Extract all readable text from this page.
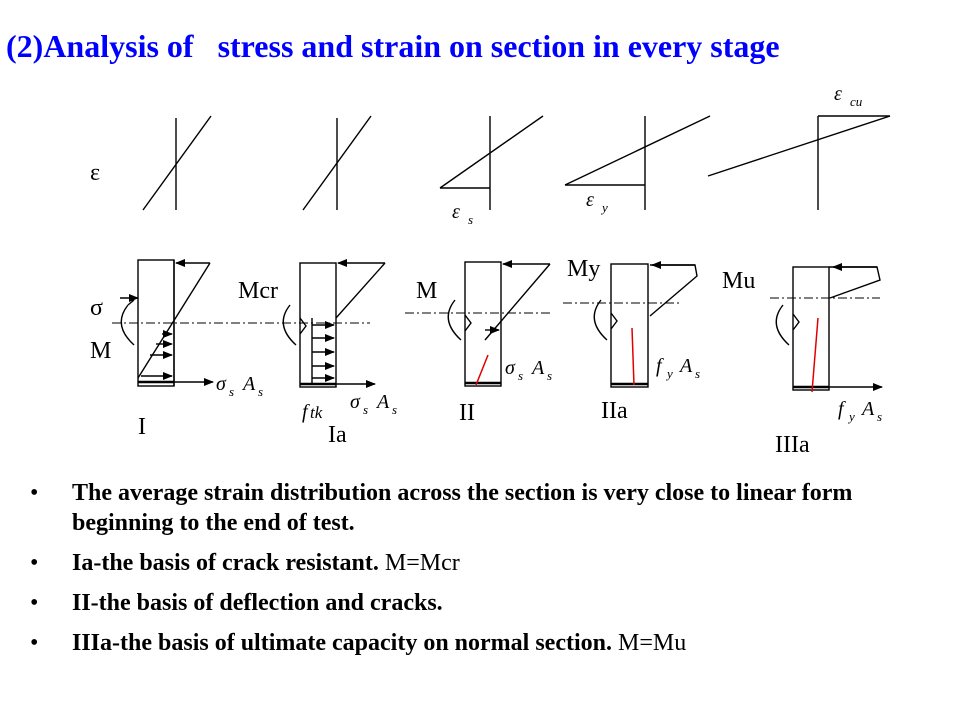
(2)Analysis of   stress and strain on section in every stage
ε
ε s
ε y
ε cu
σ
M
σ s A s
I
Mcr
f tk σ s A s
Ia
M
σ s A s
II
My
f y A s
IIa
Mu
f y A s
IIIa
• The average strain distribution across the section is very close to linear form beginning to the end of test.
• Ia-the basis of crack resistant. M=Mcr
• II-the basis of deflection and cracks.
• IIIa-the basis of ultimate capacity on normal section. M=Mu
